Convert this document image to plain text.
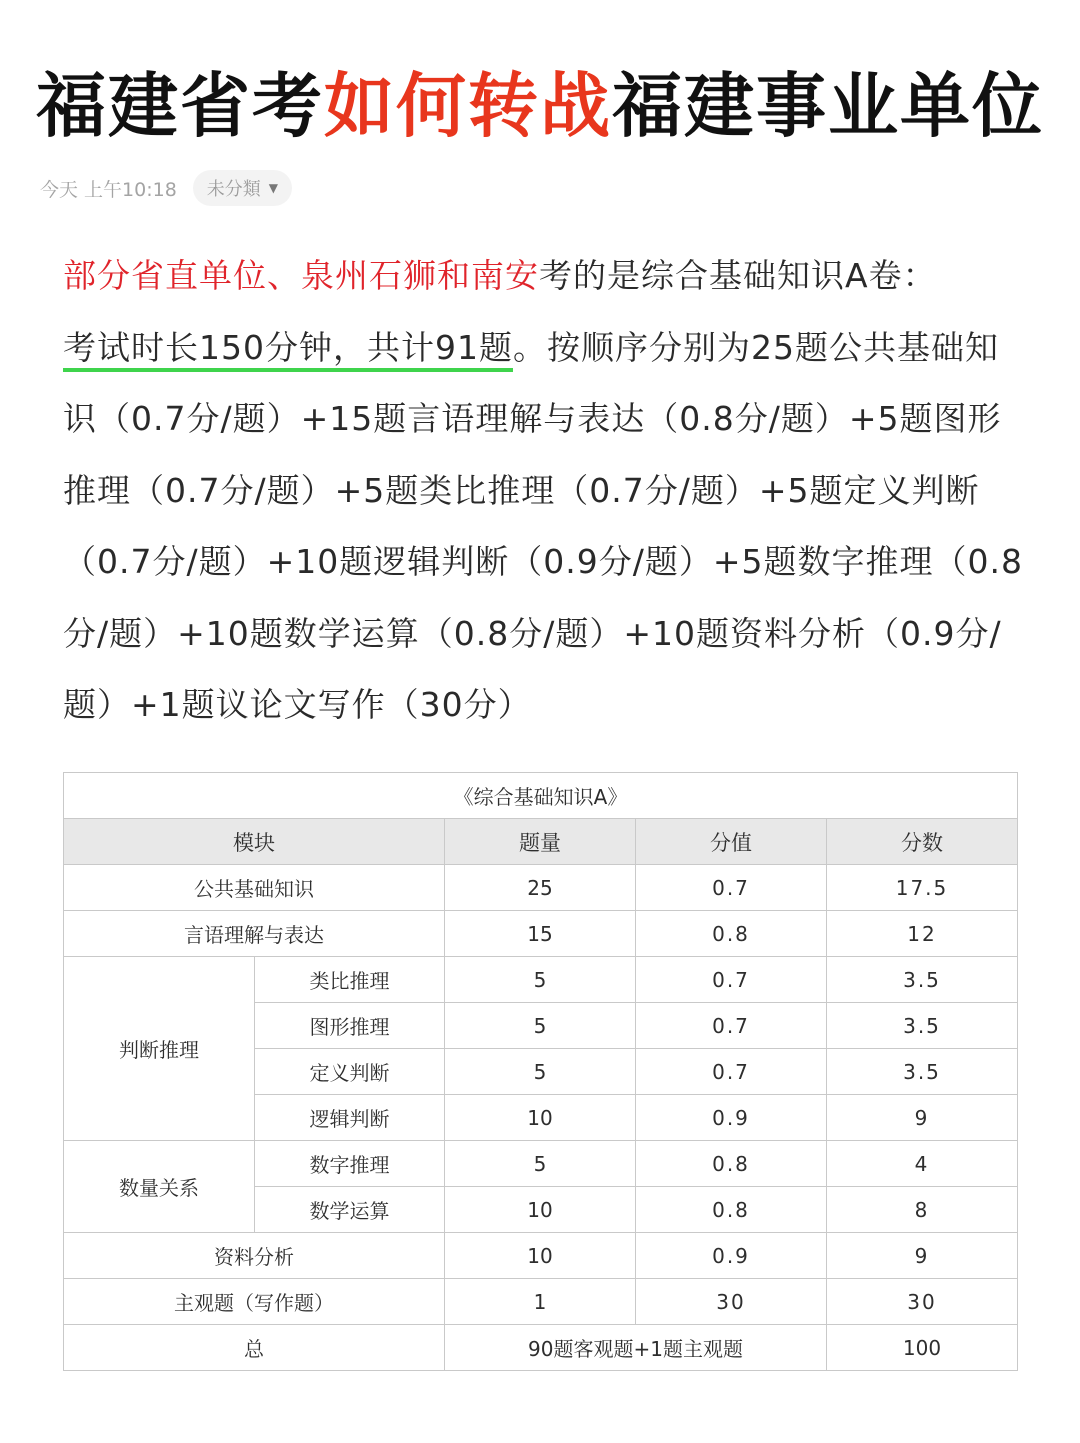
福建省考如何转战福建事业单位
今天 上午10:18 未分類 ▼
部分省直单位、泉州石狮和南安考的是综合基础知识A卷：
考试时长150分钟，共计91题。按顺序分别为25题公共基础知识（0.7分/题）+15题言语理解与表达（0.8分/题）+5题图形推理（0.7分/题）+5题类比推理（0.7分/题）+5题定义判断（0.7分/题）+10题逻辑判断（0.9分/题）+5题数字推理（0.8分/题）+10题数学运算（0.8分/题）+10题资料分析（0.9分/题）+1题议论文写作（30分）
《综合基础知识A》				
模块		题量	分值	分数
公共基础知识		25	0.7	17.5
言语理解与表达		15	0.8	12
判断推理	类比推理	5	0.7	3.5
	图形推理	5	0.7	3.5
	定义判断	5	0.7	3.5
	逻辑判断	10	0.9	9
数量关系	数字推理	5	0.8	4
	数学运算	10	0.8	8
资料分析		10	0.9	9
主观题（写作题）		1	30	30
总		90题客观题+1题主观题		100
